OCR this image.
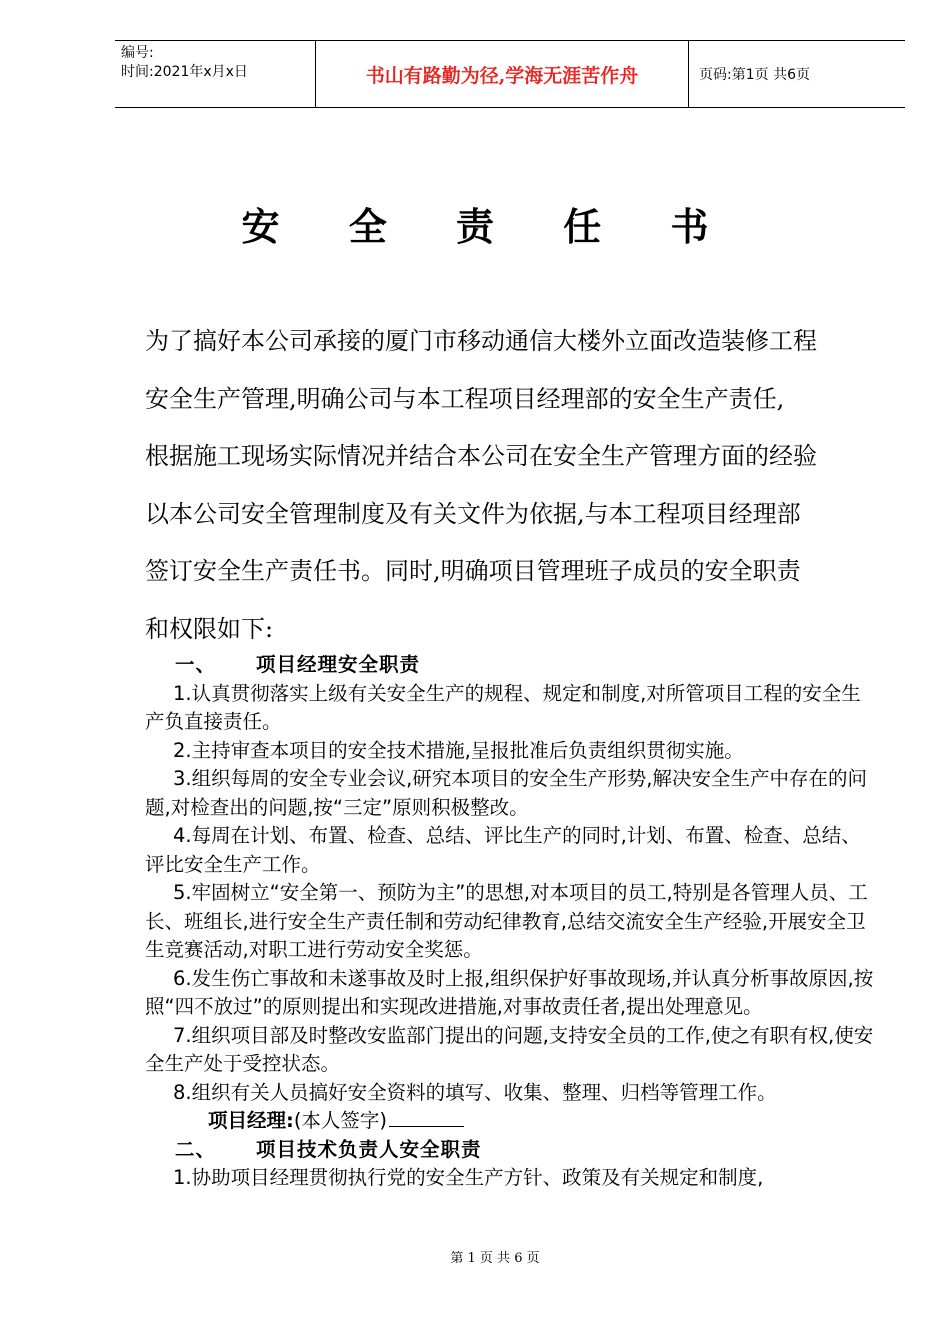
编号:
时间:2021年x月x日	书山有路勤为径,学海无涯苦作舟	页码:第1页 共6页
安 全 责 任 书

为了搞好本公司承接的厦门市移动通信大楼外立面改造装修工程

安全生产管理,明确公司与本工程项目经理部的安全生产责任,

根据施工现场实际情况并结合本公司在安全生产管理方面的经验

以本公司安全管理制度及有关文件为依据,与本工程项目经理部

签订安全生产责任书。同时,明确项目管理班子成员的安全职责

和权限如下:

一、 项目经理安全职责

1.认真贯彻落实上级有关安全生产的规程、规定和制度,对所管项目工程的安全生产负直接责任。

2.主持审查本项目的安全技术措施,呈报批准后负责组织贯彻实施。

3.组织每周的安全专业会议,研究本项目的安全生产形势,解决安全生产中存在的问题,对检查出的问题,按“三定”原则积极整改。

4.每周在计划、布置、检查、总结、评比生产的同时,计划、布置、检查、总结、评比安全生产工作。

5.牢固树立“安全第一、预防为主”的思想,对本项目的员工,特别是各管理人员、工长、班组长,进行安全生产责任制和劳动纪律教育,总结交流安全生产经验,开展安全卫生竞赛活动,对职工进行劳动安全奖惩。

6.发生伤亡事故和未遂事故及时上报,组织保护好事故现场,并认真分析事故原因,按照“四不放过”的原则提出和实现改进措施,对事故责任者,提出处理意见。

7.组织项目部及时整改安监部门提出的问题,支持安全员的工作,使之有职有权,使安全生产处于受控状态。

8.组织有关人员搞好安全资料的填写、收集、整理、归档等管理工作。

项目经理:(本人签字)

二、 项目技术负责人安全职责

1.协助项目经理贯彻执行党的安全生产方针、政策及有关规定和制度,

第 1 页 共 6 页
